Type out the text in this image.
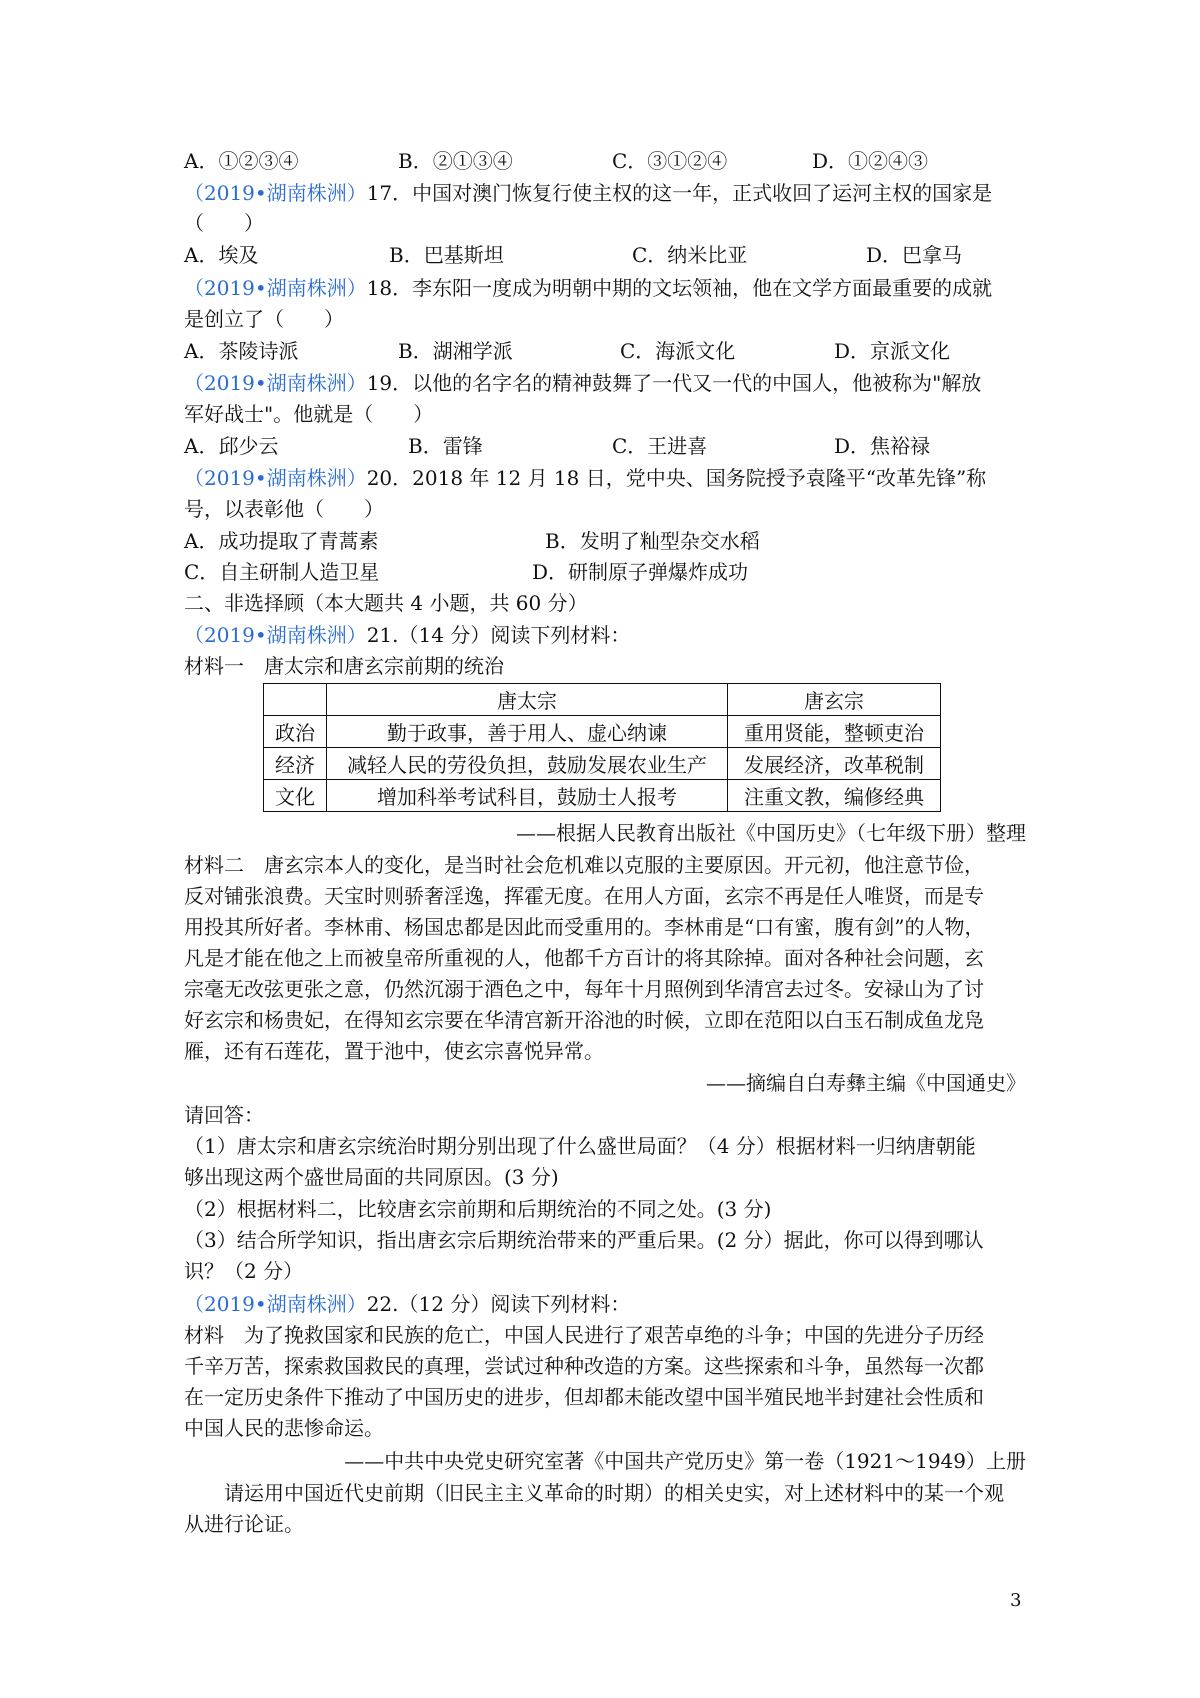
A．①②③④	B．②①③④	C．③①②④	D．①②④③
（2019•湖南株洲）17．中国对澳门恢复行使主权的这一年，正式收回了运河主权的国家是
（　　）
A．埃及	B．巴基斯坦	C．纳米比亚	D．巴拿马
（2019•湖南株洲）18．李东阳一度成为明朝中期的文坛领袖，他在文学方面最重要的成就
是创立了（　　）
A．茶陵诗派	B．湖湘学派	C．海派文化	D．京派文化
（2019•湖南株洲）19．以他的名字名的精神鼓舞了一代又一代的中国人，他被称为"解放
军好战士"。他就是（　　）
A．邱少云	B．雷锋	C．王进喜	D．焦裕禄
（2019•湖南株洲）20．2018 年 12 月 18 日，党中央、国务院授予袁隆平“改革先锋”称
号，以表彰他（　　）
A．成功提取了青蒿素	B．发明了籼型杂交水稻
C．自主研制人造卫星	D．研制原子弹爆炸成功
二、非选择顾（本大题共 4 小题，共 60 分）
（2019•湖南株洲）21.（14 分）阅读下列材料：
材料一　唐太宗和唐玄宗前期的统治
	唐太宗	唐玄宗
政治	勤于政事，善于用人、虚心纳谏	重用贤能，整顿吏治
经济	减轻人民的劳役负担，鼓励发展农业生产	发展经济，改革税制
文化	增加科举考试科目，鼓励士人报考	注重文教，编修经典
——根据人民教育出版社《中国历史》（七年级下册）整理
材料二　唐玄宗本人的变化，是当时社会危机难以克服的主要原因。开元初，他注意节俭，
反对铺张浪费。天宝时则骄奢淫逸，挥霍无度。在用人方面，玄宗不再是任人唯贤，而是专
用投其所好者。李林甫、杨国忠都是因此而受重用的。李林甫是“口有蜜，腹有剑”的人物，
凡是才能在他之上而被皇帝所重视的人，他都千方百计的将其除掉。面对各种社会问题，玄
宗毫无改弦更张之意，仍然沉溺于酒色之中，每年十月照例到华清宫去过冬。安禄山为了讨
好玄宗和杨贵妃，在得知玄宗要在华清宫新开浴池的时候，立即在范阳以白玉石制成鱼龙凫
雁，还有石莲花，置于池中，使玄宗喜悦异常。
——摘编自白寿彝主编《中国通史》
请回答：
（1）唐太宗和唐玄宗统治时期分别出现了什么盛世局面？（4 分）根据材料一归纳唐朝能
够出现这两个盛世局面的共同原因。(3 分)
（2）根据材料二，比较唐玄宗前期和后期统治的不同之处。(3 分)
（3）结合所学知识，指出唐玄宗后期统治带来的严重后果。(2 分）据此，你可以得到哪认
识？（2 分）
（2019•湖南株洲）22.（12 分）阅读下列材料：
材料　为了挽救国家和民族的危亡，中国人民进行了艰苦卓绝的斗争；中国的先进分子历经
千辛万苦，探索救国救民的真理，尝试过种种改造的方案。这些探索和斗争，虽然每一次都
在一定历史条件下推动了中国历史的进步，但却都未能改望中国半殖民地半封建社会性质和
中国人民的悲惨命运。
——中共中央党史研究室著《中国共产党历史》第一卷（1921～1949）上册
　　请运用中国近代史前期（旧民主主义革命的时期）的相关史实，对上述材料中的某一个观
从进行论证。
3
